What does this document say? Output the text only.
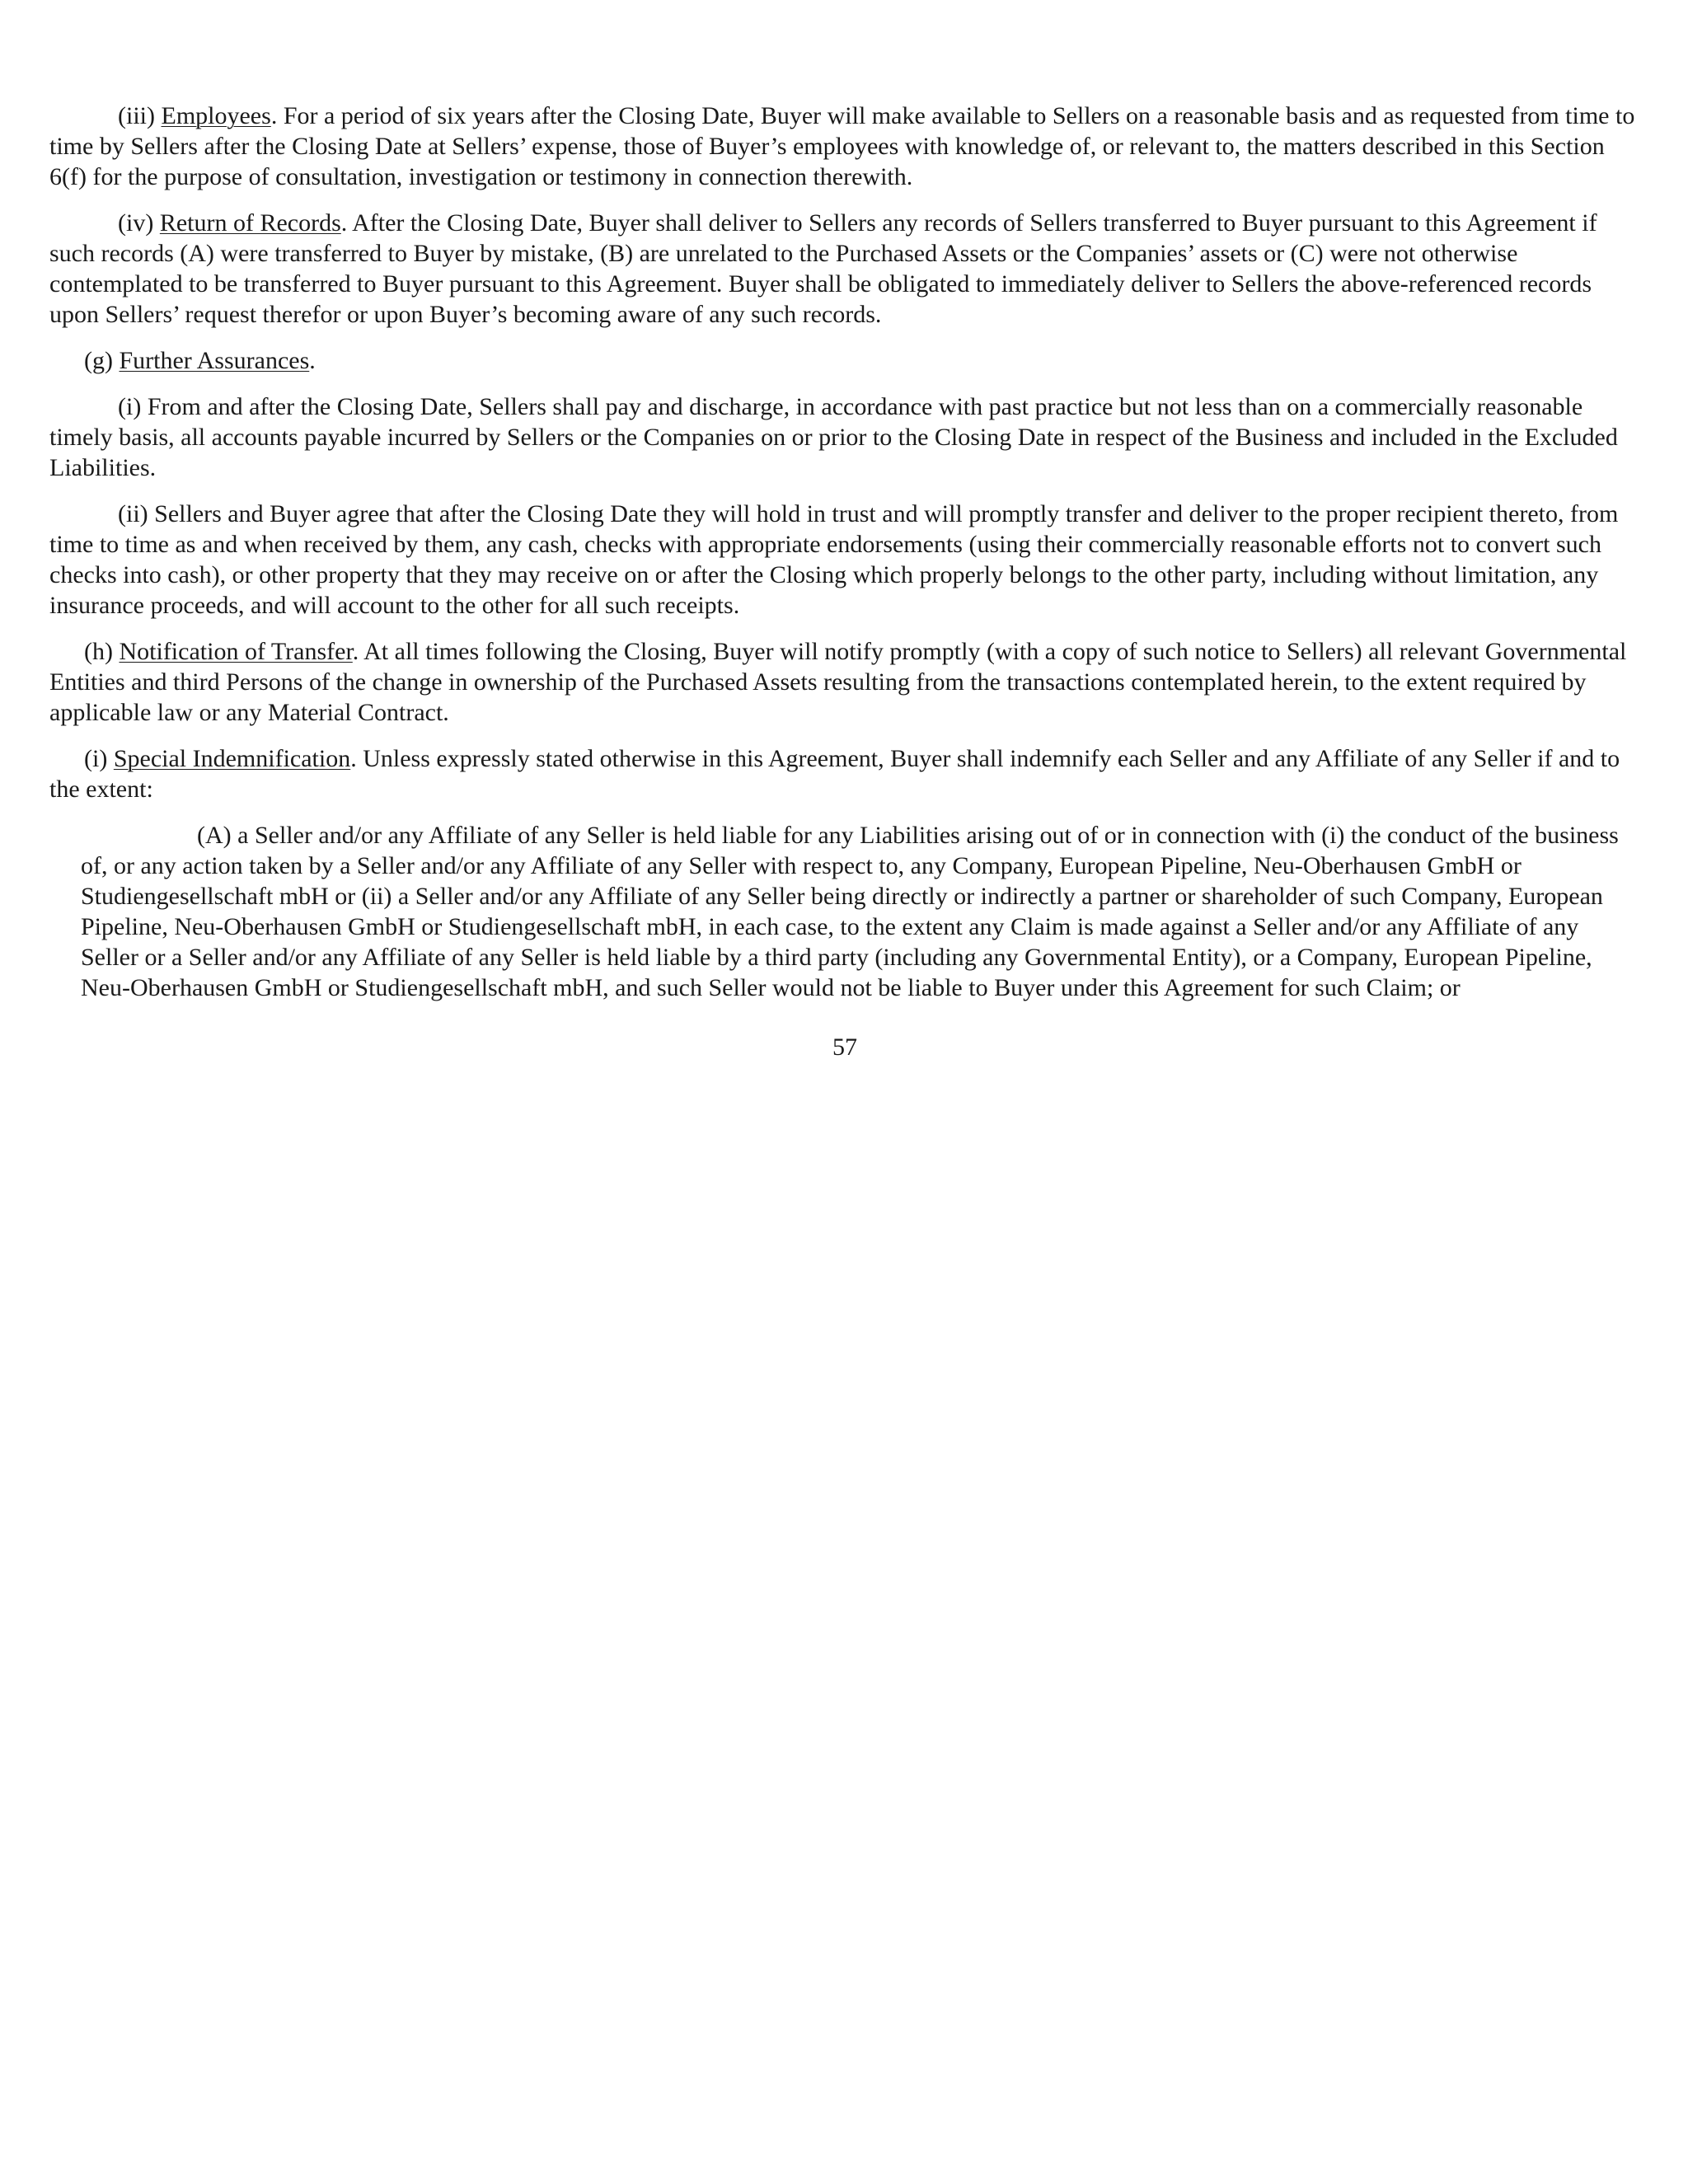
(iii) Employees. For a period of six years after the Closing Date, Buyer will make available to Sellers on a reasonable basis and as requested from time to time by Sellers after the Closing Date at Sellers’ expense, those of Buyer’s employees with knowledge of, or relevant to, the matters described in this Section 6(f) for the purpose of consultation, investigation or testimony in connection therewith.

(iv) Return of Records. After the Closing Date, Buyer shall deliver to Sellers any records of Sellers transferred to Buyer pursuant to this Agreement if such records (A) were transferred to Buyer by mistake, (B) are unrelated to the Purchased Assets or the Companies’ assets or (C) were not otherwise contemplated to be transferred to Buyer pursuant to this Agreement. Buyer shall be obligated to immediately deliver to Sellers the above-referenced records upon Sellers’ request therefor or upon Buyer’s becoming aware of any such records.

(g) Further Assurances.

(i) From and after the Closing Date, Sellers shall pay and discharge, in accordance with past practice but not less than on a commercially reasonable timely basis, all accounts payable incurred by Sellers or the Companies on or prior to the Closing Date in respect of the Business and included in the Excluded Liabilities.

(ii) Sellers and Buyer agree that after the Closing Date they will hold in trust and will promptly transfer and deliver to the proper recipient thereto, from time to time as and when received by them, any cash, checks with appropriate endorsements (using their commercially reasonable efforts not to convert such checks into cash), or other property that they may receive on or after the Closing which properly belongs to the other party, including without limitation, any insurance proceeds, and will account to the other for all such receipts.

(h) Notification of Transfer. At all times following the Closing, Buyer will notify promptly (with a copy of such notice to Sellers) all relevant Governmental Entities and third Persons of the change in ownership of the Purchased Assets resulting from the transactions contemplated herein, to the extent required by applicable law or any Material Contract.

(i) Special Indemnification. Unless expressly stated otherwise in this Agreement, Buyer shall indemnify each Seller and any Affiliate of any Seller if and to the extent:

(A) a Seller and/or any Affiliate of any Seller is held liable for any Liabilities arising out of or in connection with (i) the conduct of the business of, or any action taken by a Seller and/or any Affiliate of any Seller with respect to, any Company, European Pipeline, Neu-Oberhausen GmbH or Studiengesellschaft mbH or (ii) a Seller and/or any Affiliate of any Seller being directly or indirectly a partner or shareholder of such Company, European Pipeline, Neu-Oberhausen GmbH or Studiengesellschaft mbH, in each case, to the extent any Claim is made against a Seller and/or any Affiliate of any Seller or a Seller and/or any Affiliate of any Seller is held liable by a third party (including any Governmental Entity), or a Company, European Pipeline, Neu-Oberhausen GmbH or Studiengesellschaft mbH, and such Seller would not be liable to Buyer under this Agreement for such Claim; or

57
